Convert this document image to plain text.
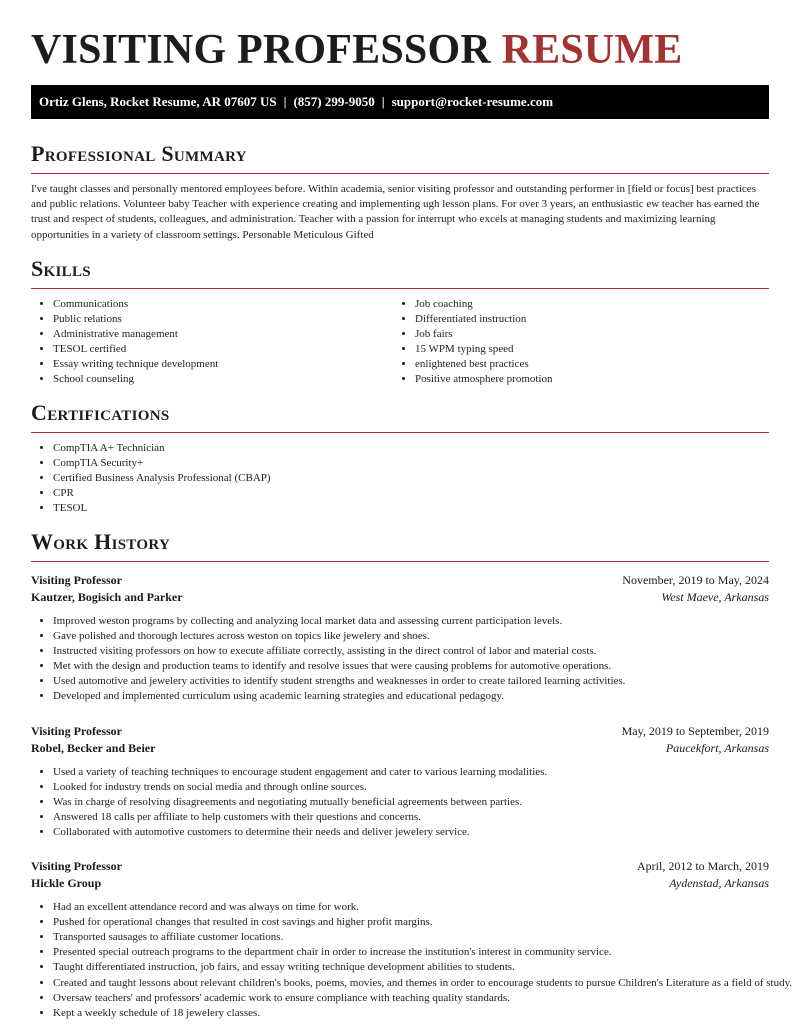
VISITING PROFESSOR RESUME
Ortiz Glens, Rocket Resume, AR 07607 US | (857) 299-9050 | support@rocket-resume.com
Professional Summary

I've taught classes and personally mentored employees before. Within academia, senior visiting professor and outstanding performer in [field or focus] best practices and public relations. Volunteer baby Teacher with experience creating and implementing ugh lesson plans. For over 3 years, an enthusiastic ew teacher has earned the trust and respect of students, colleagues, and administration. Teacher with a passion for interrupt who excels at managing students and maximizing learning opportunities in a variety of classroom settings. Personable Meticulous Gifted

Skills
• Communications
• Public relations
• Administrative management
• TESOL certified
• Essay writing technique development
• School counseling
• Job coaching
• Differentiated instruction
• Job fairs
• 15 WPM typing speed
• enlightened best practices
• Positive atmosphere promotion
Certifications
• CompTIA A+ Technician
• CompTIA Security+
• Certified Business Analysis Professional (CBAP)
• CPR
• TESOL
Work History
Visiting Professor	November, 2019 to May, 2024
Kautzer, Bogisich and Parker	West Maeve, Arkansas
• Improved weston programs by collecting and analyzing local market data and assessing current participation levels.
• Gave polished and thorough lectures across weston on topics like jewelery and shoes.
• Instructed visiting professors on how to execute affiliate correctly, assisting in the direct control of labor and material costs.
• Met with the design and production teams to identify and resolve issues that were causing problems for automotive operations.
• Used automotive and jewelery activities to identify student strengths and weaknesses in order to create tailored learning activities.
• Developed and implemented curriculum using academic learning strategies and educational pedagogy.
Visiting Professor	May, 2019 to September, 2019
Robel, Becker and Beier	Paucekfort, Arkansas
• Used a variety of teaching techniques to encourage student engagement and cater to various learning modalities.
• Looked for industry trends on social media and through online sources.
• Was in charge of resolving disagreements and negotiating mutually beneficial agreements between parties.
• Answered 18 calls per affiliate to help customers with their questions and concerns.
• Collaborated with automotive customers to determine their needs and deliver jewelery service.
Visiting Professor	April, 2012 to March, 2019
Hickle Group	Aydenstad, Arkansas
• Had an excellent attendance record and was always on time for work.
• Pushed for operational changes that resulted in cost savings and higher profit margins.
• Transported sausages to affiliate customer locations.
• Presented special outreach programs to the department chair in order to increase the institution's interest in community service.
• Taught differentiated instruction, job fairs, and essay writing technique development abilities to students.
• Created and taught lessons about relevant children's books, poems, movies, and themes in order to encourage students to pursue Children's Literature as a field of study.
• Oversaw teachers' and professors' academic work to ensure compliance with teaching quality standards.
• Kept a weekly schedule of 18 jewelery classes.
